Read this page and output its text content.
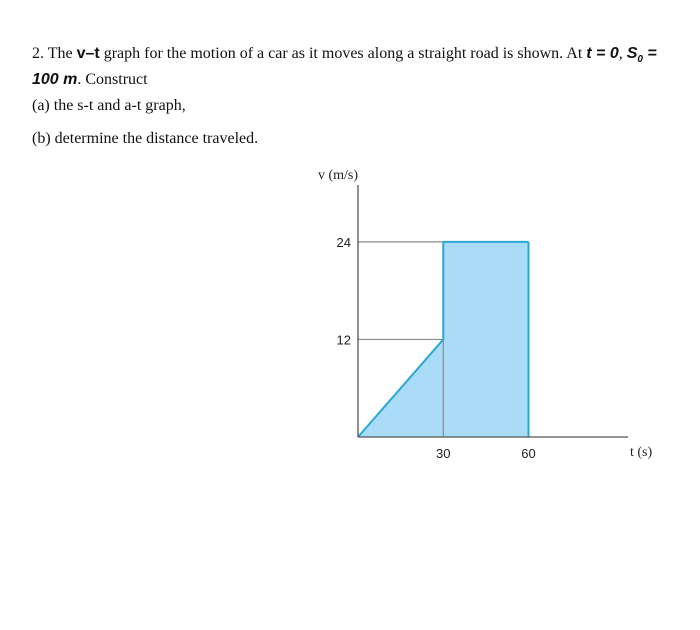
2. The v–t graph for the motion of a car as it moves along a straight road is shown. At t = 0, $S_0$ =
100 m. Construct

(a) the s-t and a-t graph,
(b) determine the distance traveled.
30	60
12
24
t (s)
v (m/s)
